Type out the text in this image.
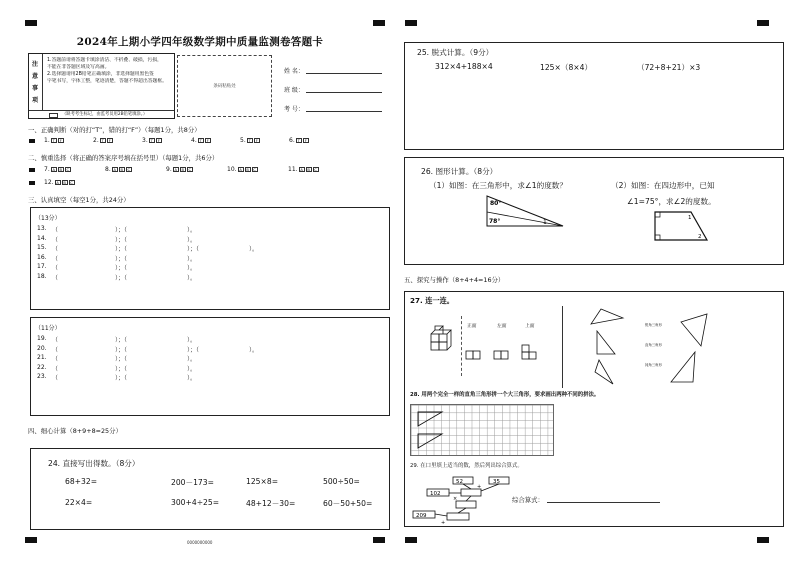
2024年上期小学四年级数学期中质量监测卷答题卡
注
意
事
项
1.答题前请将答题卡填涂清洁、不折叠、破损，污损，
不能在非答题区域及写高画。
2.选择题请用2B铅笔正确填涂，非选择题用黑色签
字笔书写，字体工整，笔迹清楚，答题不得超出答题框。
（缺考考生标记，由监考员用2B铅笔填涂。）
条码粘贴处
姓 名：
班 级：
考 号：
一、正确判断（对的打“T”，错的打“F”）（每题1分，共8分）
1. T F	2. T F	3. T F	4. T F	5. T F	6. T F
二、慎重选择（将正确的答案序号填在括号里）（每题1分，共6分）
7. A B C	8. A B C	9. A B C	10. A B C	11. A B C
12. A B C
三、认真填空（每空1分，共24分）
（13分）
13. （	）；（	）。
14. （	）；（	）。
15. （	）；（	）；（	）。
16. （	）；（	）。
17. （	）；（	）。
18. （	）；（	）。
（11分）
19. （	）；（	）。
20. （	）；（	）；（	）。
21. （	）；（	）。
22. （	）；（	）。
23. （	）；（	）。
四、细心计算（8+9+8=25分）
24. 直接写出得数。（8分）
68+32=	200－173=	125×8=	500÷50=
22×4=	300+4÷25=	48+12－30=	60－50+50=
0000000000
25. 脱式计算。（9分）
312×4+188×4	125×（8×4）	（72+8+21）×3
26. 图形计算。（8分）
（1）如图：在三角形中，求∠1的度数？	（2）如图：在四边形中，已知
∠1=75°，求∠2的度数。
80°
78°	1
1
2
五、探究与操作（8+4+4=16分）
27. 连一连。
正面	左面	上面	锐角三角形
直角三角形
钝角三角形
28. 用两个完全一样的直角三角形拼一个大三角形，要求画出两种不同的拼法。
29. 在口里填上适当的数，然后列出综合算式。
52	35
102
209
+
×
+
综合算式：
